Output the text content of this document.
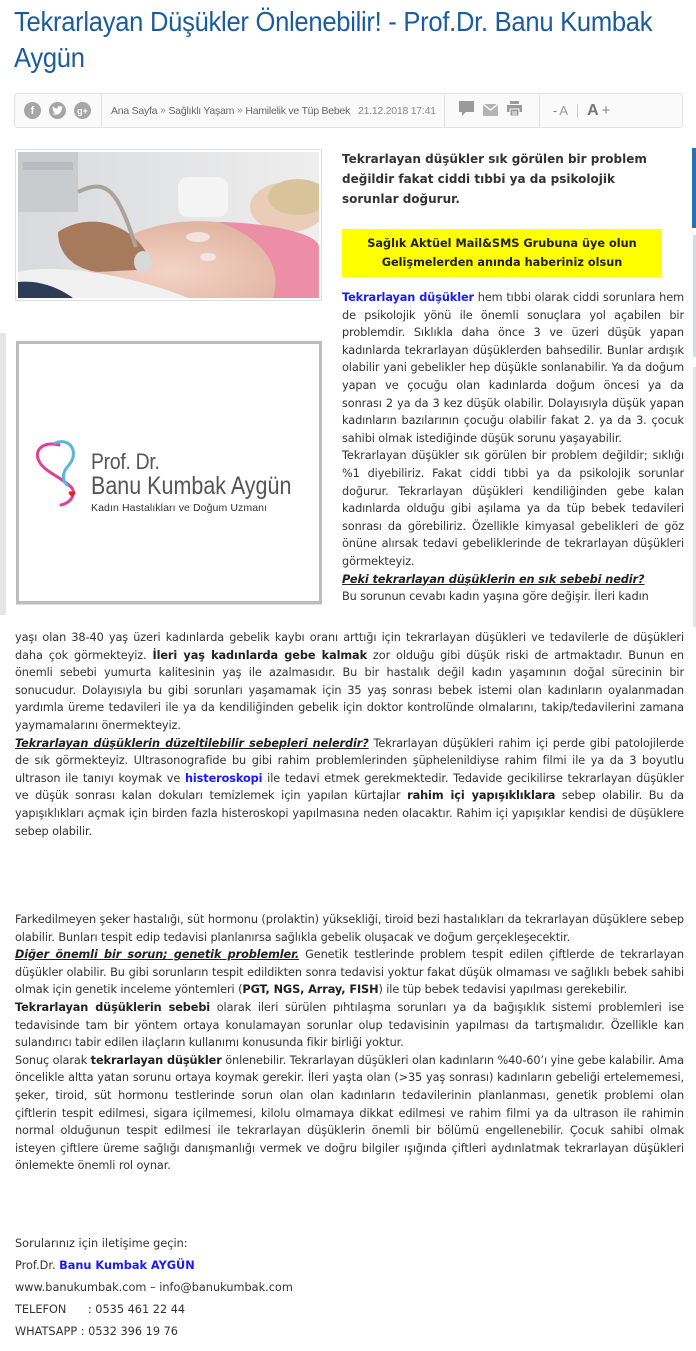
Tekrarlayan Düşükler Önlenebilir! - Prof.Dr. Banu Kumbak Aygün
f	g+ Ana Sayfa » Sağlıklı Yaşam » Hamilelik ve Tüp Bebek 21.12.2018 17:41	- A A +
Prof. Dr.
Banu Kumbak Aygün
Kadın Hastalıkları ve Doğum Uzmanı
Tekrarlayan düşükler sık görülen bir problem değildir fakat ciddi tıbbi ya da psikolojik sorunlar doğurur.
Sağlık Aktüel Mail&SMS Grubuna üye olun
Gelişmelerden anında haberiniz olsun

Tekrarlayan düşükler hem tıbbi olarak ciddi sorunlara hem de psikolojik yönü ile önemli sonuçlara yol açabilen bir problemdir. Sıklıkla daha önce 3 ve üzeri düşük yapan kadınlarda tekrarlayan düşüklerden bahsedilir. Bunlar ardışık olabilir yani gebelikler hep düşükle sonlanabilir. Ya da doğum yapan ve çocuğu olan kadınlarda doğum öncesi ya da sonrası 2 ya da 3 kez düşük olabilir. Dolayısıyla düşük yapan kadınların bazılarının çocuğu olabilir fakat 2. ya da 3. çocuk sahibi olmak istediğinde düşük sorunu yaşayabilir.

Tekrarlayan düşükler sık görülen bir problem değildir; sıklığı %1 diyebiliriz. Fakat ciddi tıbbi ya da psikolojik sorunlar doğurur. Tekrarlayan düşükleri kendiliğinden gebe kalan kadınlarda olduğu gibi aşılama ya da tüp bebek tedavileri sonrası da görebiliriz. Özellikle kimyasal gebelikleri de göz önüne alırsak tedavi gebeliklerinde de tekrarlayan düşükleri görmekteyiz.

Peki tekrarlayan düşüklerin en sık sebebi nedir?

Bu sorunun cevabı kadın yaşına göre değişir. İleri kadın

yaşı olan 38-40 yaş üzeri kadınlarda gebelik kaybı oranı arttığı için tekrarlayan düşükleri ve tedavilerle de düşükleri daha çok görmekteyiz. İleri yaş kadınlarda gebe kalmak zor olduğu gibi düşük riski de artmaktadır. Bunun en önemli sebebi yumurta kalitesinin yaş ile azalmasıdır. Bu bir hastalık değil kadın yaşamının doğal sürecinin bir sonucudur. Dolayısıyla bu gibi sorunları yaşamamak için 35 yaş sonrası bebek istemi olan kadınların oyalanmadan yardımla üreme tedavileri ile ya da kendiliğinden gebelik için doktor kontrolünde olmalarını, takip/tedavilerini zamana yaymamalarını önermekteyiz.

Tekrarlayan düşüklerin düzeltilebilir sebepleri nelerdir? Tekrarlayan düşükleri rahim içi perde gibi patolojilerde de sık görmekteyiz. Ultrasonografide bu gibi rahim problemlerinden şüphelenildiyse rahim filmi ile ya da 3 boyutlu ultrason ile tanıyı koymak ve histeroskopi ile tedavi etmek gerekmektedir. Tedavide gecikilirse tekrarlayan düşükler ve düşük sonrası kalan dokuları temizlemek için yapılan kürtajlar rahim içi yapışıklıklara sebep olabilir. Bu da yapışıklıkları açmak için birden fazla histeroskopi yapılmasına neden olacaktır. Rahim içi yapışıklar kendisi de düşüklere sebep olabilir.

Farkedilmeyen şeker hastalığı, süt hormonu (prolaktin) yüksekliği, tiroid bezi hastalıkları da tekrarlayan düşüklere sebep olabilir. Bunları tespit edip tedavisi planlanırsa sağlıkla gebelik oluşacak ve doğum gerçekleşecektir.

Diğer önemli bir sorun; genetik problemler. Genetik testlerinde problem tespit edilen çiftlerde de tekrarlayan düşükler olabilir. Bu gibi sorunların tespit edildikten sonra tedavisi yoktur fakat düşük olmaması ve sağlıklı bebek sahibi olmak için genetik inceleme yöntemleri (PGT, NGS, Array, FISH) ile tüp bebek tedavisi yapılması gerekebilir.

Tekrarlayan düşüklerin sebebi olarak ileri sürülen pıhtılaşma sorunları ya da bağışıklık sistemi problemleri ise tedavisinde tam bir yöntem ortaya konulamayan sorunlar olup tedavisinin yapılması da tartışmalıdır. Özellikle kan sulandırıcı tabir edilen ilaçların kullanımı konusunda fikir birliği yoktur.

Sonuç olarak tekrarlayan düşükler önlenebilir. Tekrarlayan düşükleri olan kadınların %40-60’ı yine gebe kalabilir. Ama öncelikle altta yatan sorunu ortaya koymak gerekir. İleri yaşta olan (>35 yaş sonrası) kadınların gebeliği ertelememesi, şeker, tiroid, süt hormonu testlerinde sorun olan olan kadınların tedavilerinin planlanması, genetik problemi olan çiftlerin tespit edilmesi, sigara içilmemesi, kilolu olmamaya dikkat edilmesi ve rahim filmi ya da ultrason ile rahimin normal olduğunun tespit edilmesi ile tekrarlayan düşüklerin önemli bir bölümü engellenebilir. Çocuk sahibi olmak isteyen çiftlere üreme sağlığı danışmanlığı vermek ve doğru bilgiler ışığında çiftleri aydınlatmak tekrarlayan düşükleri önlemekte önemli rol oynar.

Sorularınız için iletişime geçin:

Prof.Dr. Banu Kumbak AYGÜN

www.banukumbak.com – info@banukumbak.com

TELEFON      : 0535 461 22 44

WHATSAPP : 0532 396 19 76
